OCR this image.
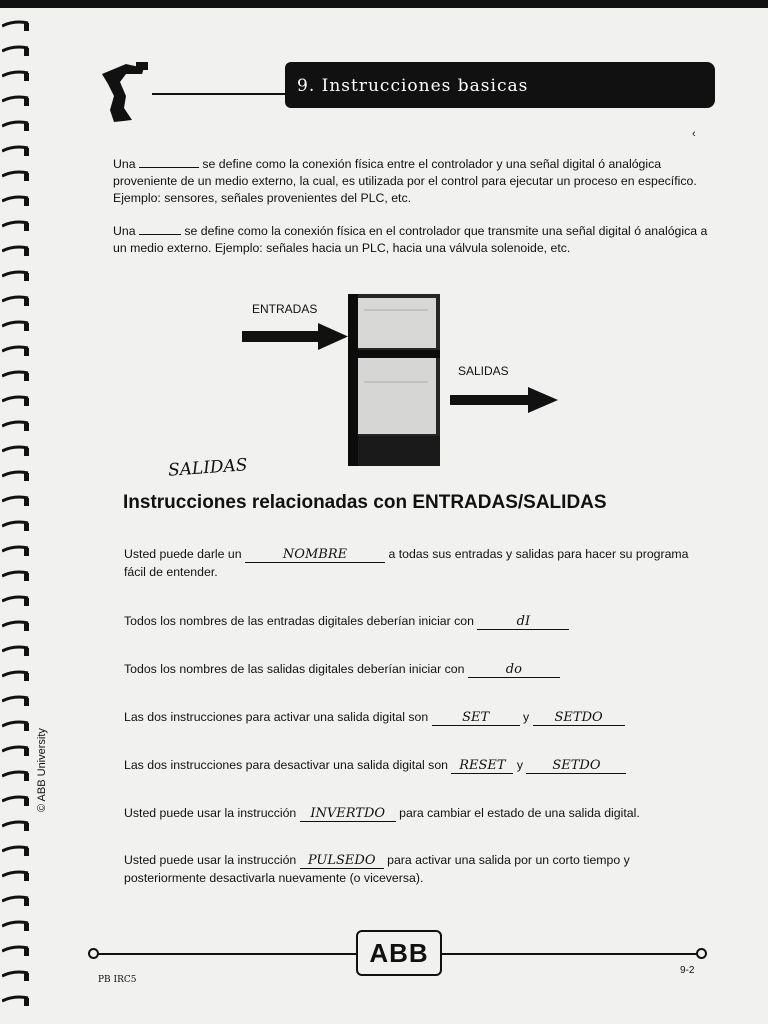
9. Instrucciones basicas
‹

Una	se define como la conexión física entre el controlador y una señal digital ó analógica proveniente de un medio externo, la cual, es utilizada por el control para ejecutar un proceso en específico. Ejemplo: sensores, señales provenientes del PLC, etc.

Una	se define como la conexión física en el controlador que transmite una señal digital ó analógica a un medio externo. Ejemplo: señales hacia un PLC, hacia una válvula solenoide, etc.

ENTRADAS
SALIDAS
SALIDAS
Instrucciones relacionadas con ENTRADAS/SALIDAS
Usted puede darle un	NOMBRE	a todas sus entradas y salidas para hacer su programa fácil de entender.
Todos los nombres de las entradas digitales deberían iniciar con	dI
Todos los nombres de las salidas digitales deberían iniciar con	do
Las dos instrucciones para activar una salida digital son	SET	y SETDO
Las dos instrucciones para desactivar una salida digital son RESET y SETDO
Usted puede usar la instrucción INVERTDO para cambiar el estado de una salida digital.
Usted puede usar la instrucción PULSEDO para activar una salida por un corto tiempo y posteriormente desactivarla nuevamente (o viceversa).
© ABB University
ABB
PB IRC5
9-2
